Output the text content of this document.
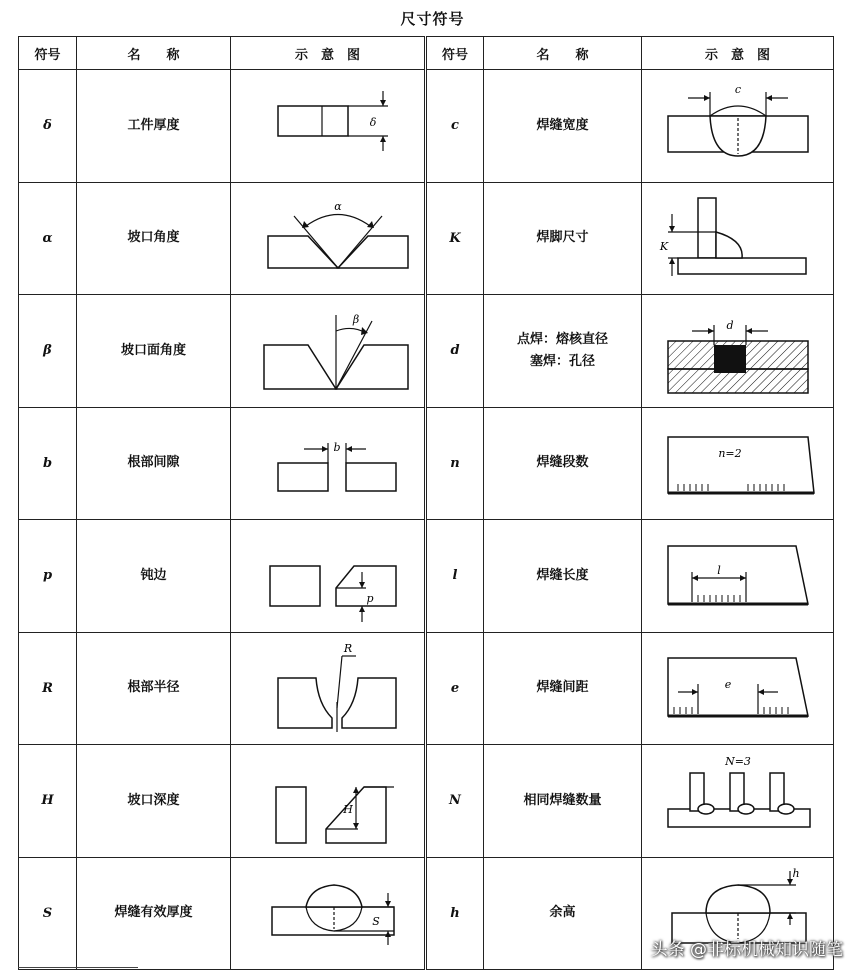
尺寸符号
符号	名　　称	示　意　图	符号	名　　称	示　意　图
δ	工件厚度	δ	c	焊缝宽度	c

α	坡口角度	α	K	焊脚尺寸	K

β	坡口面角度	β	d	点焊：熔核直径
塞焊：孔径	d

b	根部间隙	b	n	焊缝段数	n=2

p	钝边	p	l	焊缝长度	l

R	根部半径	R	e	焊缝间距	e

H	坡口深度	H	N	相同焊缝数量	N=3

S	焊缝有效厚度	S	h	余高	h
头条 @非标机械知识随笔
